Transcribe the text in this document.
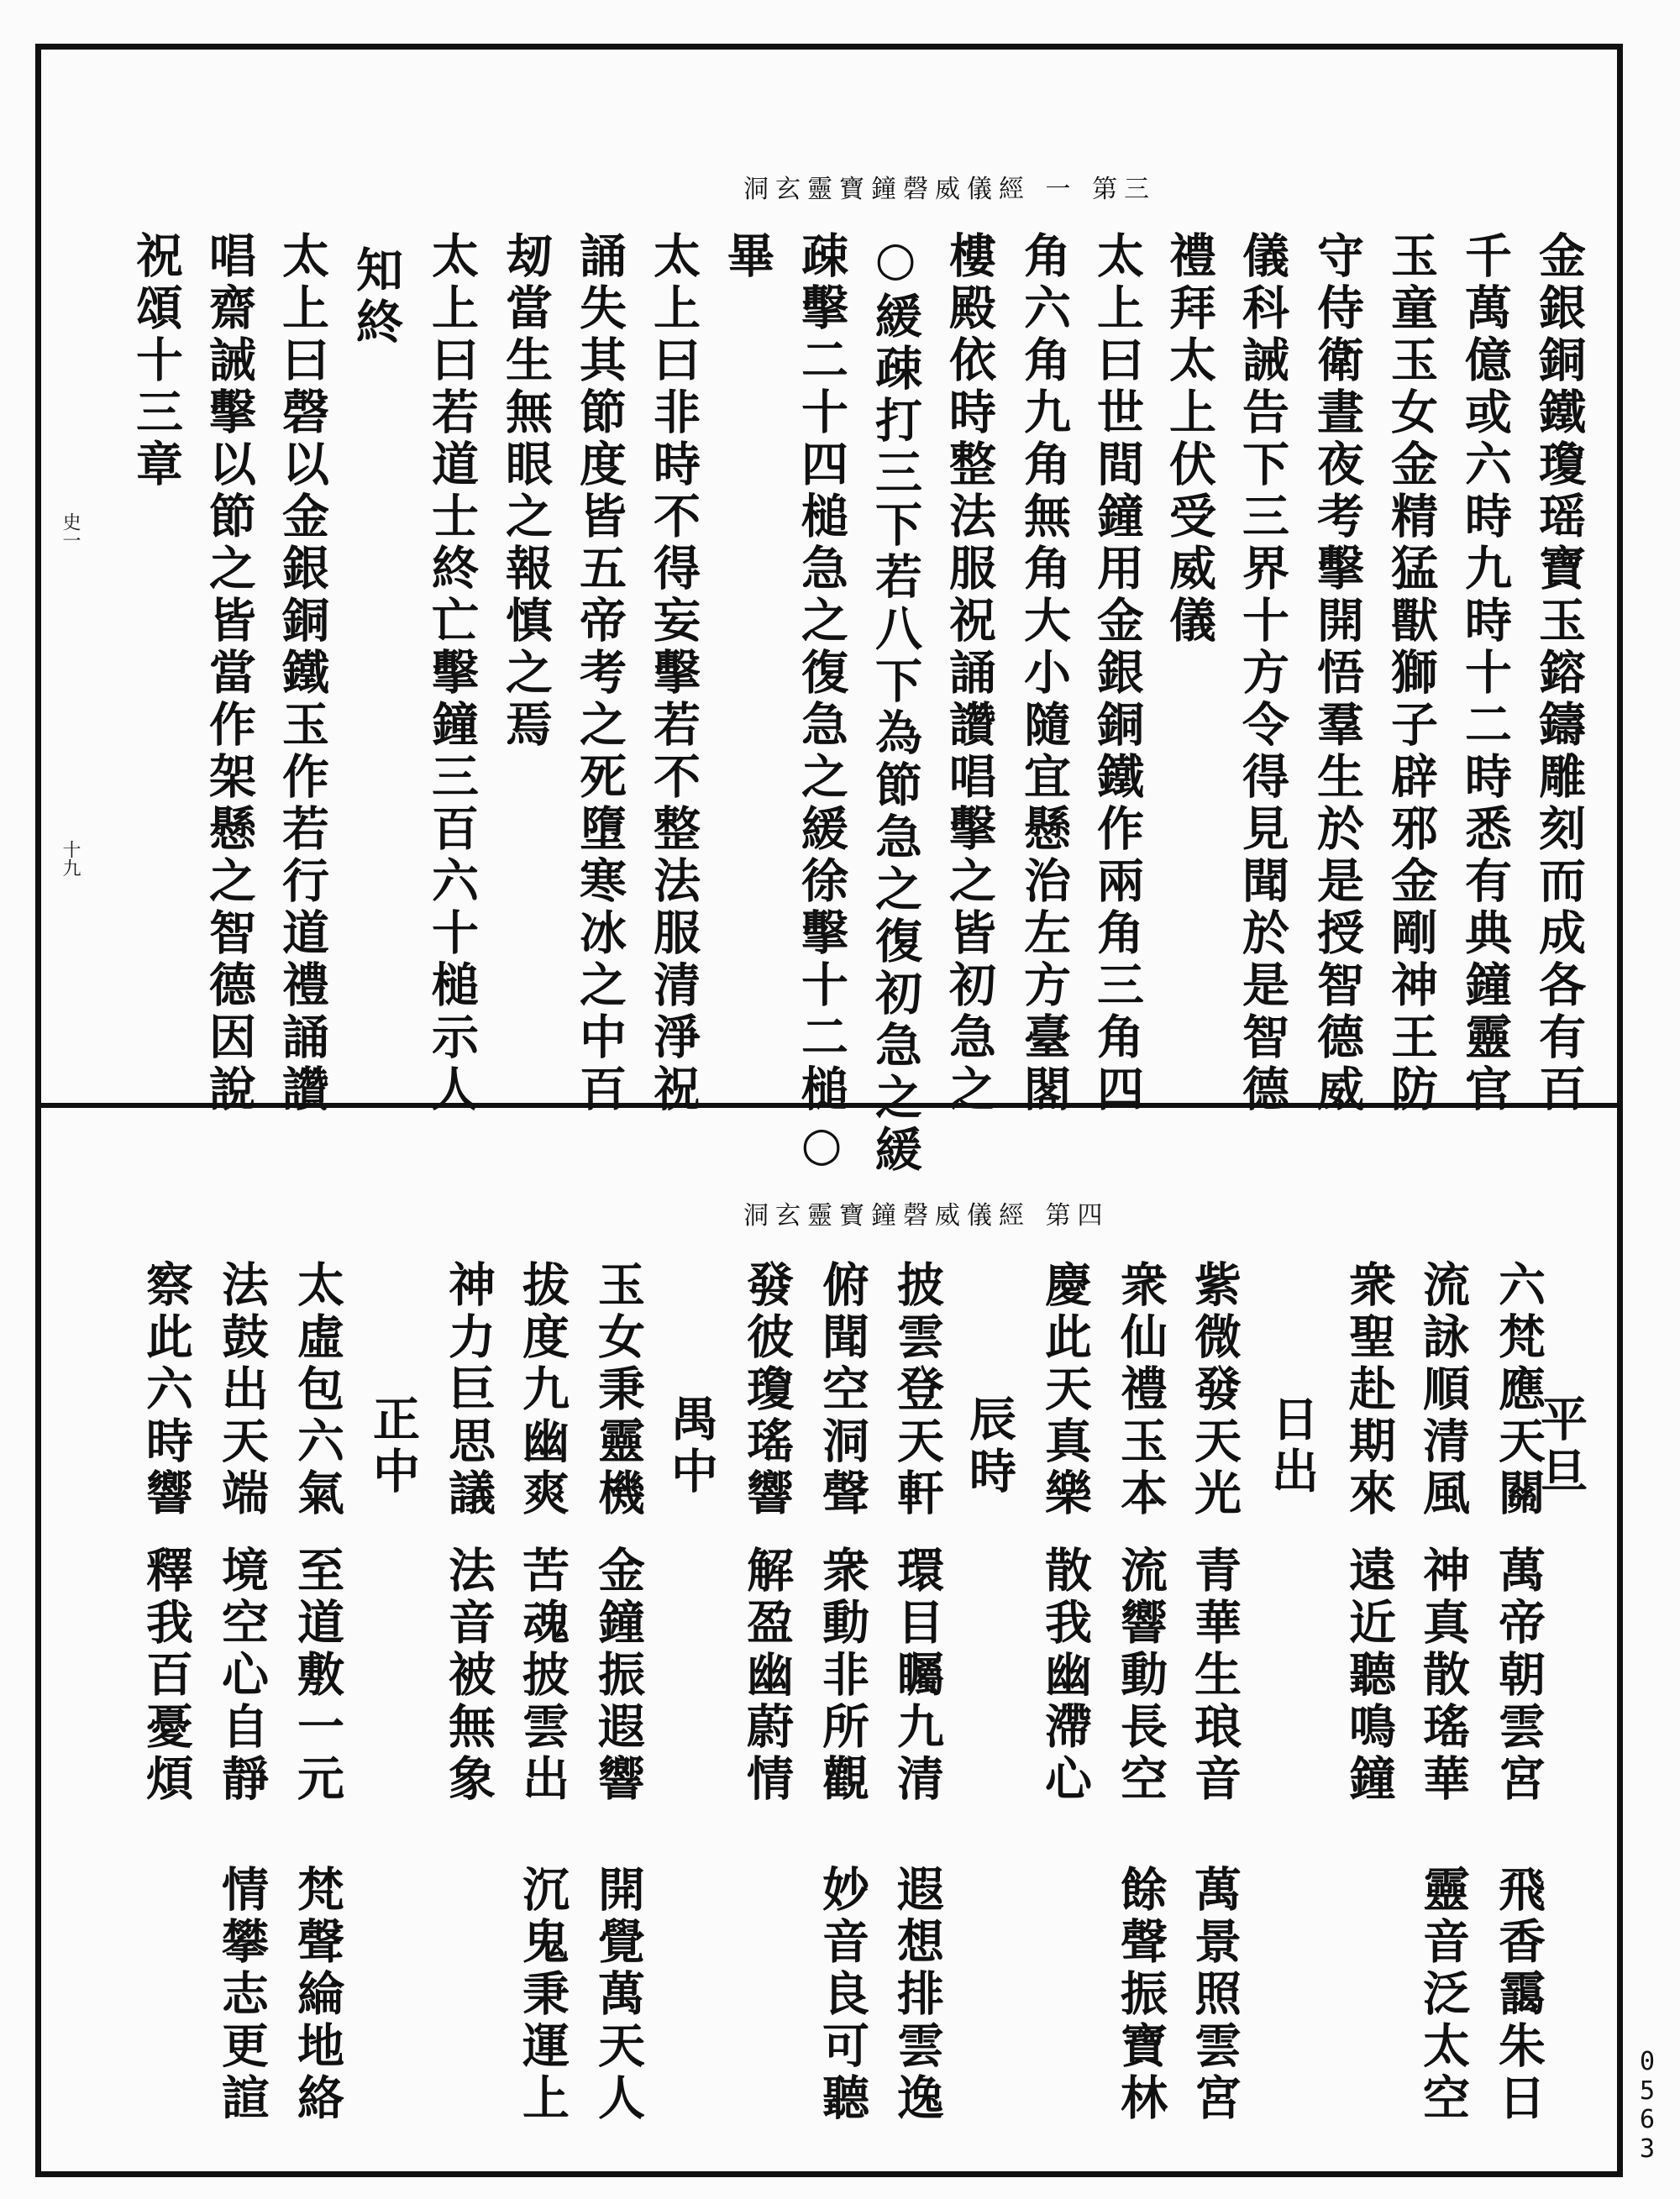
洞玄靈寶鐘磬威儀經 一 第三
洞玄靈寶鐘磬威儀經 第四
金銀銅鐵瓊瑶寶玉鎔鑄雕刻而成各有百
千萬億或六時九時十二時悉有典鐘靈官
玉童玉女金精猛獸獅子辟邪金剛神王防
守侍衛晝夜考擊開悟羣生於是授智德威
儀科誡告下三界十方令得見聞於是智德
禮拜太上伏受威儀
太上曰世間鐘用金銀銅鐵作兩角三角四
角六角九角無角大小隨宜懸治左方臺閣
樓殿依時整法服祝誦讚唱擊之皆初急之
○緩疎打三下若八下為節急之復初急之緩
疎擊二十四槌急之復急之緩徐擊十二槌○
畢
太上曰非時不得妄擊若不整法服清淨祝
誦失其節度皆五帝考之死墮寒冰之中百
刼當生無眼之報慎之焉
太上曰若道士終亡擊鐘三百六十槌示人
知終
太上曰磬以金銀銅鐵玉作若行道禮誦讚
唱齋誡擊以節之皆當作架懸之智德因說
祝頌十三章
平旦
六梵應天關
萬帝朝雲宮
飛香靄朱日
流詠順清風
神真散瑤華
靈音泛太空
衆聖赴期來
遠近聽鳴鐘
日出
紫微發天光
青華生琅音
萬景照雲宮
衆仙禮玉本
流響動長空
餘聲振寶林
慶此天真樂
散我幽滯心
辰時
披雲登天軒
環目矚九清
遐想排雲逸
俯聞空洞聲
衆動非所觀
妙音良可聽
發彼瓊瑤響
解盈幽蔚情
禺中
玉女秉靈機
金鐘振遐響
開覺萬天人
拔度九幽爽
苦魂披雲出
沉鬼秉運上
神力巨思議
法音被無象
正中
太虛包六氣
至道敷一元
梵聲綸地絡
法鼓出天端
境空心自靜
情攀志更諠
察此六時響
釋我百憂煩
史一
十九
0
5
6
3
